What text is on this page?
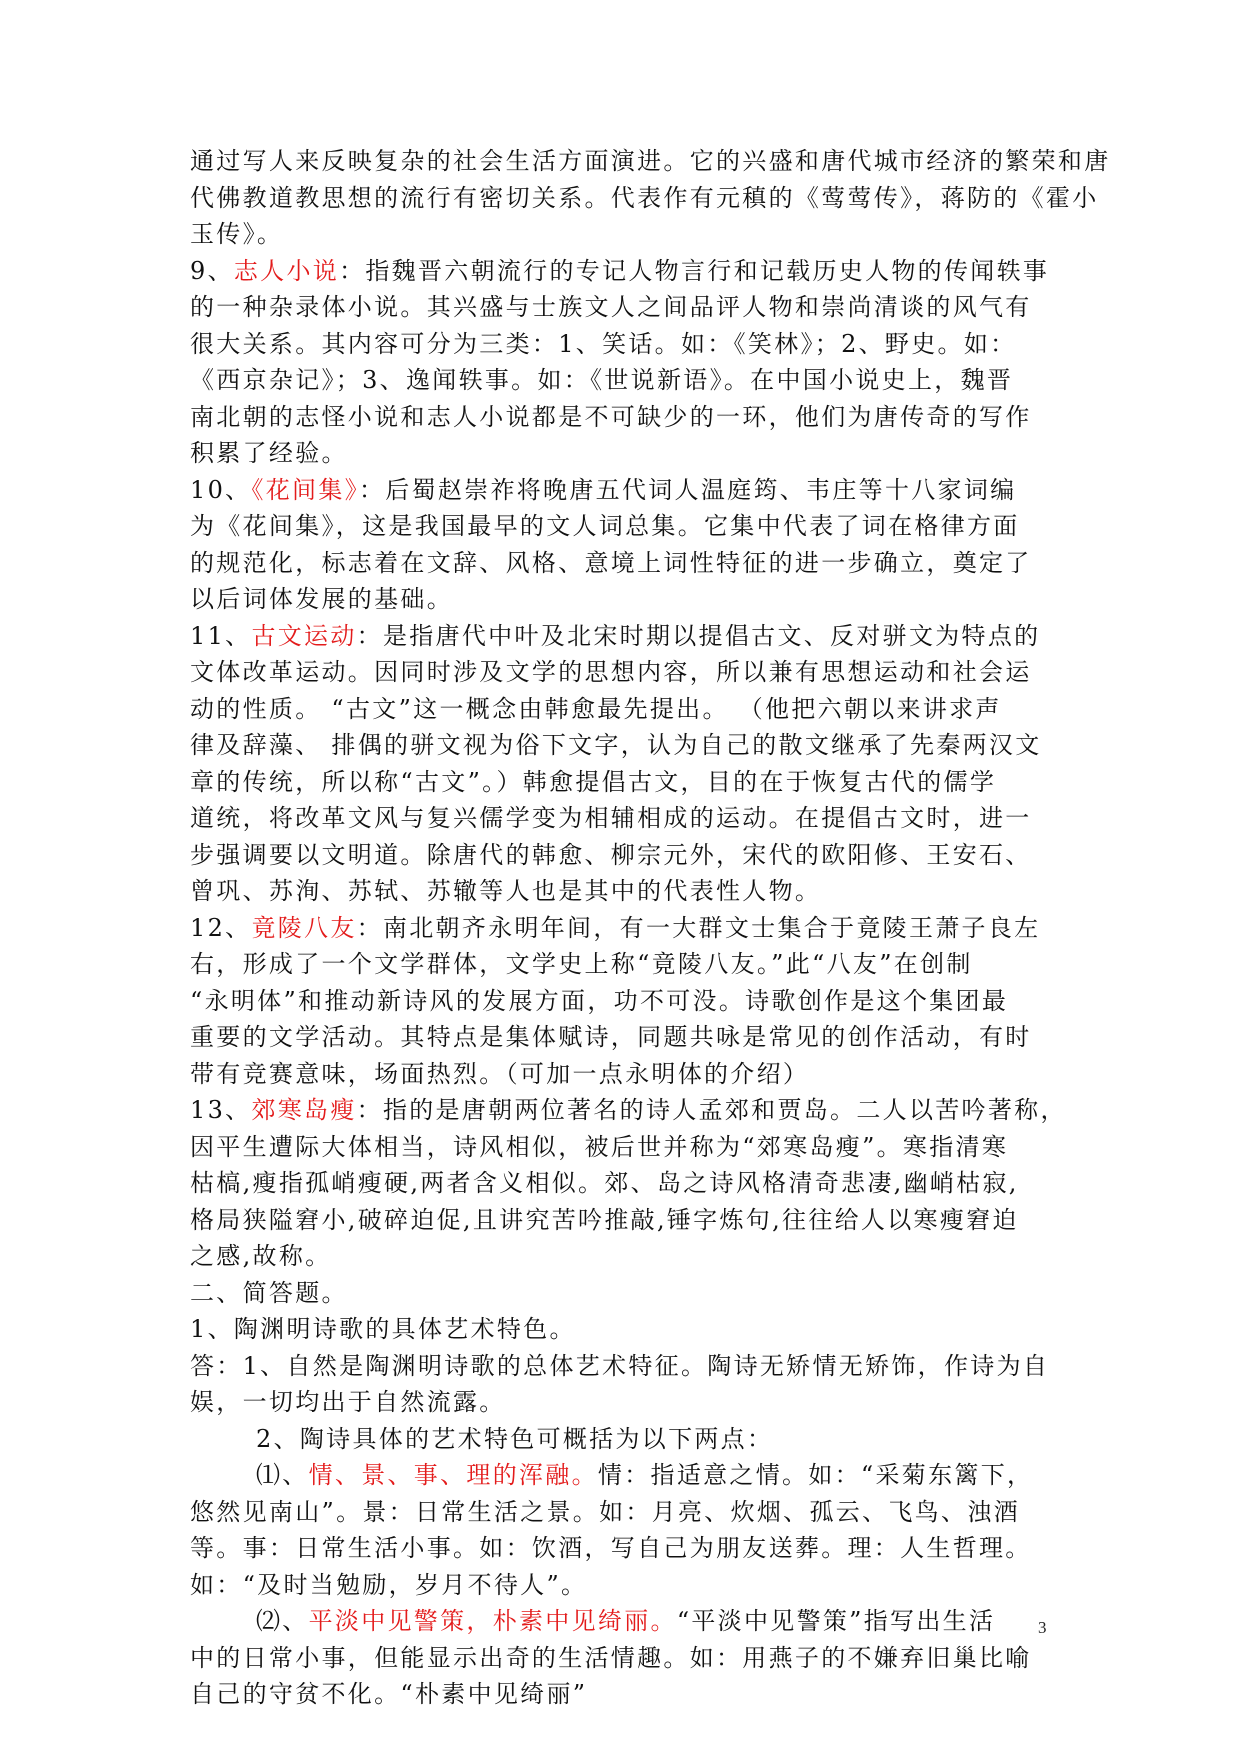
通过写人来反映复杂的社会生活方面演进。它的兴盛和唐代城市经济的繁荣和唐
代佛教道教思想的流行有密切关系。代表作有元稹的《莺莺传》，蒋防的《霍小
玉传》。
9、志人小说：指魏晋六朝流行的专记人物言行和记载历史人物的传闻轶事
的一种杂录体小说。其兴盛与士族文人之间品评人物和崇尚清谈的风气有
很大关系。其内容可分为三类：1、笑话。如：《笑林》；2、野史。如：
《西京杂记》；3、逸闻轶事。如：《世说新语》。在中国小说史上，魏晋
南北朝的志怪小说和志人小说都是不可缺少的一环，他们为唐传奇的写作
积累了经验。
10、《花间集》：后蜀赵崇祚将晚唐五代词人温庭筠、韦庄等十八家词编
为《花间集》，这是我国最早的文人词总集。它集中代表了词在格律方面
的规范化，标志着在文辞、风格、意境上词性特征的进一步确立，奠定了
以后词体发展的基础。
11、古文运动：是指唐代中叶及北宋时期以提倡古文、反对骈文为特点的
文体改革运动。因同时涉及文学的思想内容，所以兼有思想运动和社会运
动的性质。 “古文”这一概念由韩愈最先提出。 （他把六朝以来讲求声
律及辞藻、 排偶的骈文视为俗下文字，认为自己的散文继承了先秦两汉文
章的传统，所以称“古文”。）韩愈提倡古文，目的在于恢复古代的儒学
道统，将改革文风与复兴儒学变为相辅相成的运动。在提倡古文时，进一
步强调要以文明道。除唐代的韩愈、柳宗元外，宋代的欧阳修、王安石、
曾巩、苏洵、苏轼、苏辙等人也是其中的代表性人物。
12、竟陵八友：南北朝齐永明年间，有一大群文士集合于竟陵王萧子良左
右，形成了一个文学群体，文学史上称“竟陵八友。”此“八友”在创制
“永明体”和推动新诗风的发展方面，功不可没。诗歌创作是这个集团最
重要的文学活动。其特点是集体赋诗，同题共咏是常见的创作活动，有时
带有竞赛意味，场面热烈。（可加一点永明体的介绍）
13、郊寒岛瘦：指的是唐朝两位著名的诗人孟郊和贾岛。二人以苦吟著称，
因平生遭际大体相当，诗风相似，被后世并称为“郊寒岛瘦”。寒指清寒
枯槁,瘦指孤峭瘦硬,两者含义相似。郊、岛之诗风格清奇悲凄,幽峭枯寂,
格局狭隘窘小,破碎迫促,且讲究苦吟推敲,锤字炼句,往往给人以寒瘦窘迫
之感,故称。
二、简答题。
1、陶渊明诗歌的具体艺术特色。
答：1、自然是陶渊明诗歌的总体艺术特征。陶诗无矫情无矫饰，作诗为自
娱，一切均出于自然流露。
2、陶诗具体的艺术特色可概括为以下两点：
⑴、情、景、事、理的浑融。情：指适意之情。如：“采菊东篱下，
悠然见南山”。景：日常生活之景。如：月亮、炊烟、孤云、飞鸟、浊酒
等。事：日常生活小事。如：饮酒，写自己为朋友送葬。理：人生哲理。
如：“及时当勉励，岁月不待人”。
⑵、平淡中见警策，朴素中见绮丽。“平淡中见警策”指写出生活
中的日常小事，但能显示出奇的生活情趣。如：用燕子的不嫌弃旧巢比喻
自己的守贫不化。“朴素中见绮丽”
3
